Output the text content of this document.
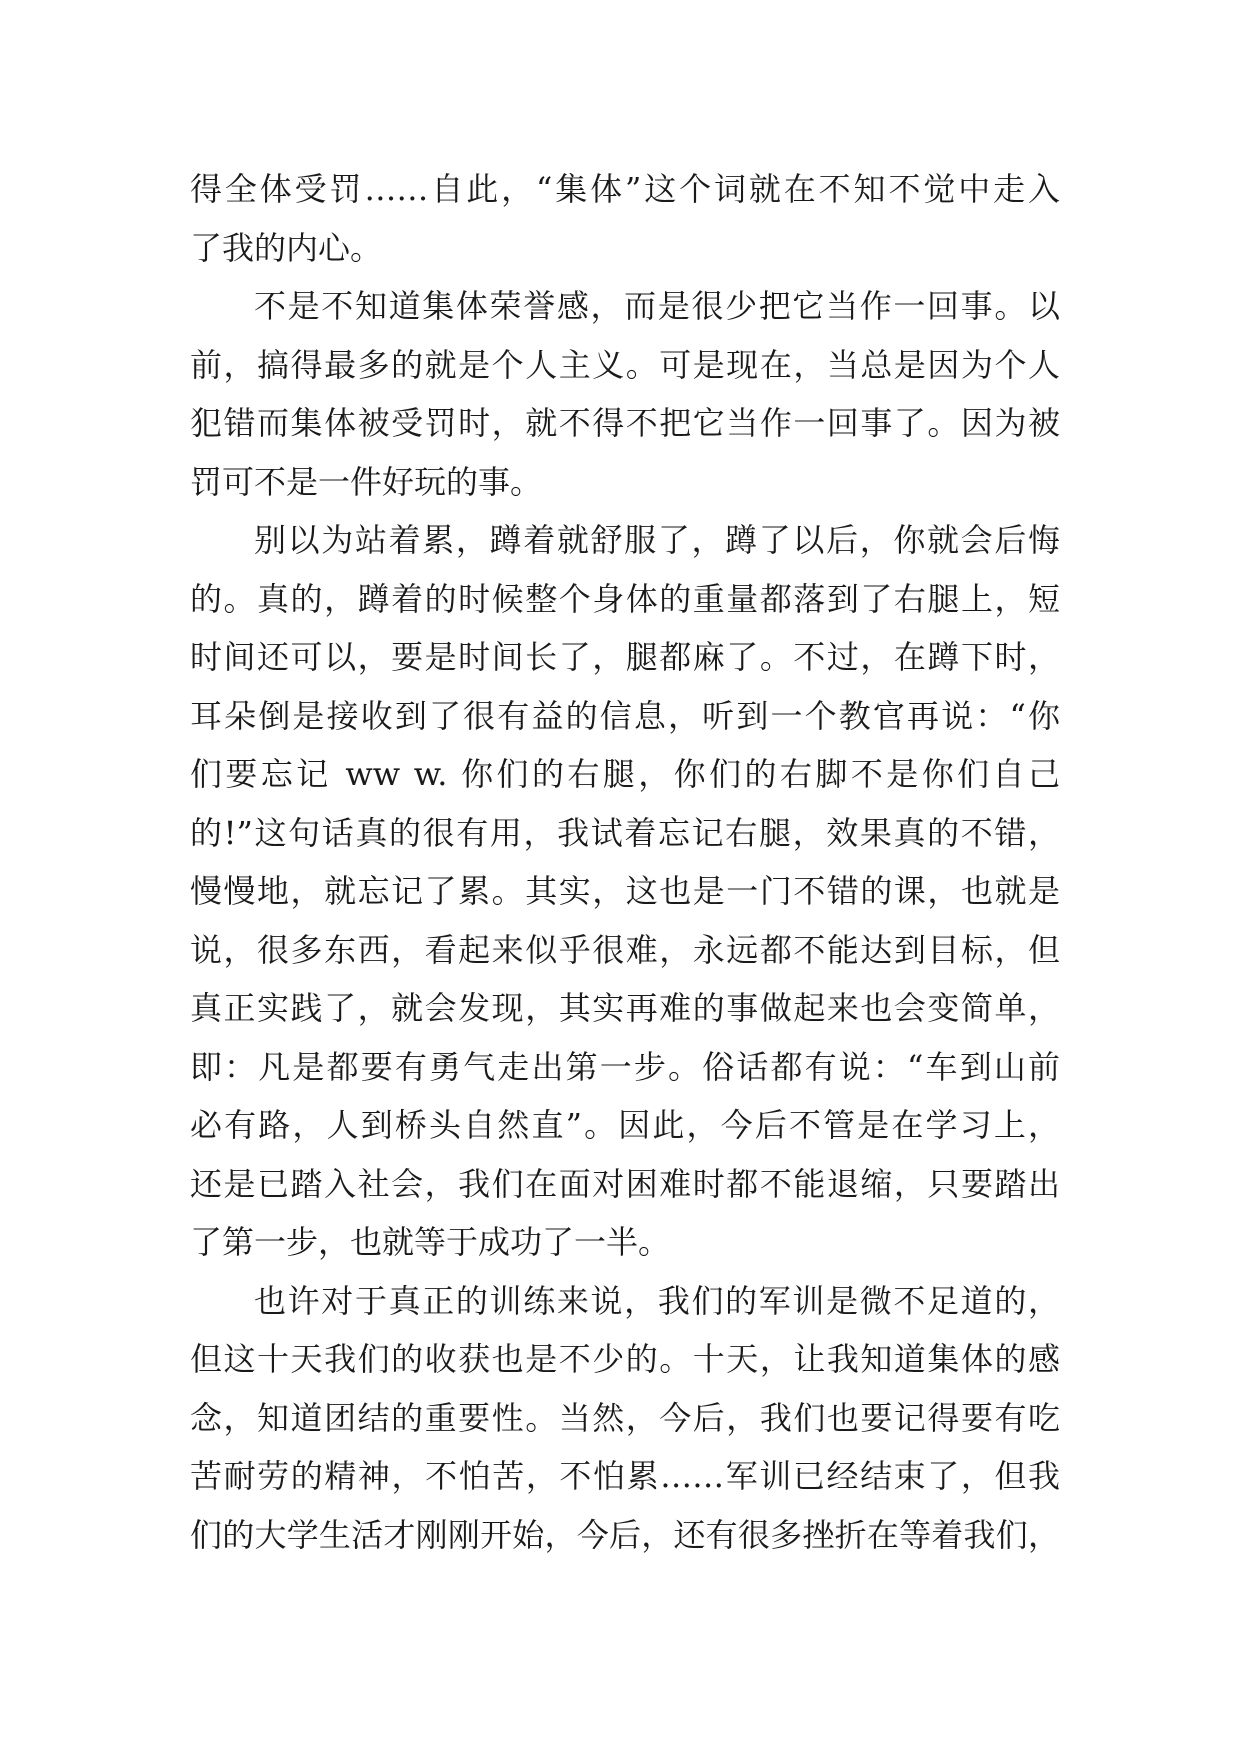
得全体受罚……自此，“集体”这个词就在不知不觉中走入
了我的内心。
不是不知道集体荣誉感，而是很少把它当作一回事。以
前，搞得最多的就是个人主义。可是现在，当总是因为个人
犯错而集体被受罚时，就不得不把它当作一回事了。因为被
罚可不是一件好玩的事。
别以为站着累，蹲着就舒服了，蹲了以后，你就会后悔
的。真的，蹲着的时候整个身体的重量都落到了右腿上，短
时间还可以，要是时间长了，腿都麻了。不过，在蹲下时，
耳朵倒是接收到了很有益的信息，听到一个教官再说：“你
们要忘记 ww w. 你们的右腿，你们的右脚不是你们自己
的!”这句话真的很有用，我试着忘记右腿，效果真的不错，
慢慢地，就忘记了累。其实，这也是一门不错的课，也就是
说，很多东西，看起来似乎很难，永远都不能达到目标，但
真正实践了，就会发现，其实再难的事做起来也会变简单，
即：凡是都要有勇气走出第一步。俗话都有说：“车到山前
必有路，人到桥头自然直”。因此，今后不管是在学习上，
还是已踏入社会，我们在面对困难时都不能退缩，只要踏出
了第一步，也就等于成功了一半。
也许对于真正的训练来说，我们的军训是微不足道的，
但这十天我们的收获也是不少的。十天，让我知道集体的感
念，知道团结的重要性。当然，今后，我们也要记得要有吃
苦耐劳的精神，不怕苦，不怕累……军训已经结束了，但我
们的大学生活才刚刚开始，今后，还有很多挫折在等着我们，
